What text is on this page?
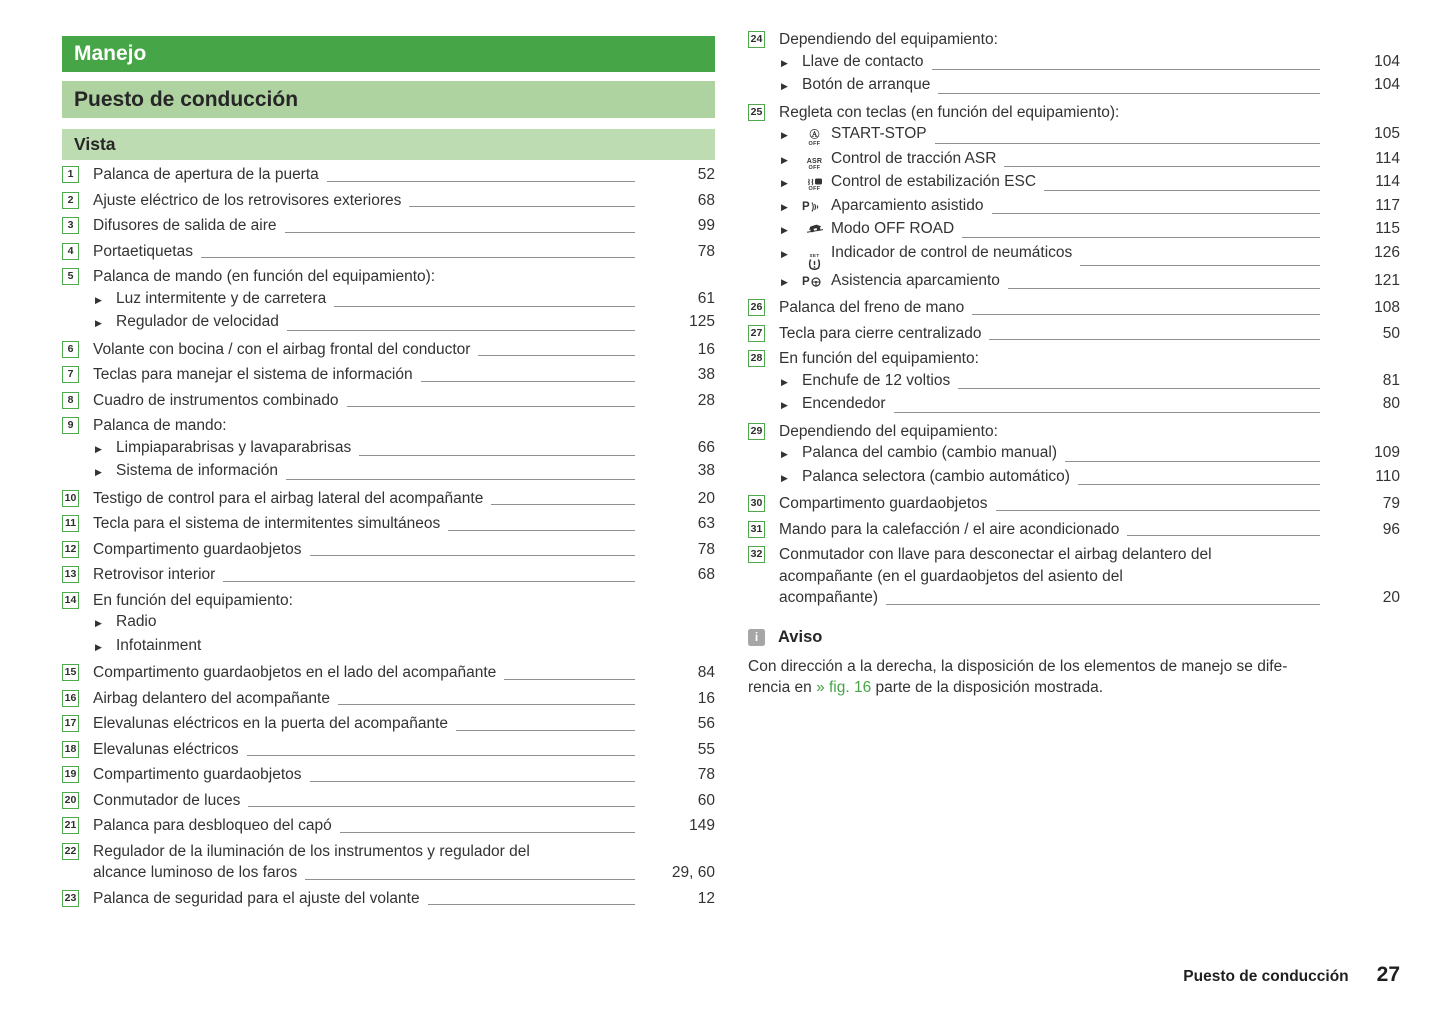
Manejo
Puesto de conducción
Vista
1	Palanca de apertura de la puerta	52
2	Ajuste eléctrico de los retrovisores exteriores	68
3	Difusores de salida de aire	99
4	Portaetiquetas	78
5	Palanca de mando (en función del equipamiento):
▶ Luz intermitente y de carretera	61
▶ Regulador de velocidad	125
6	Volante con bocina / con el airbag frontal del conductor	16
7	Teclas para manejar el sistema de información	38
8	Cuadro de instrumentos combinado	28
9	Palanca de mando:
▶ Limpiaparabrisas y lavaparabrisas	66
▶ Sistema de información	38
10 Testigo de control para el airbag lateral del acompañante	20
11 Tecla para el sistema de intermitentes simultáneos	63
12 Compartimento guardaobjetos	78
13 Retrovisor interior	68
14 En función del equipamiento:
▶ Radio
▶ Infotainment
15 Compartimento guardaobjetos en el lado del acompañante	84
16 Airbag delantero del acompañante	16
17 Elevalunas eléctricos en la puerta del acompañante	56
18 Elevalunas eléctricos	55
19 Compartimento guardaobjetos	78
20 Conmutador de luces	60
21 Palanca para desbloqueo del capó	149
22 Regulador de la iluminación de los instrumentos y regulador del
alcance luminoso de los faros	29, 60
23 Palanca de seguridad para el ajuste del volante	12
24 Dependiendo del equipamiento:
▶ Llave de contacto	104
▶ Botón de arranque	104
25 Regleta con teclas (en función del equipamiento):
▶	Ⓐ
OFF
START-STOP	105
▶	ASR
OFF
Control de tracción ASR	114
▶
OFF Control de estabilización ESC	114
▶	P	Aparcamiento asistido	117
▶	Modo OFF ROAD	115
▶	SET Indicador de control de neumáticos	126
▶	P	Asistencia aparcamiento	121
26 Palanca del freno de mano	108
27 Tecla para cierre centralizado	50
28 En función del equipamiento:
▶ Enchufe de 12 voltios	81
▶ Encendedor	80
29 Dependiendo del equipamiento:
▶ Palanca del cambio (cambio manual)	109
▶ Palanca selectora (cambio automático)	110
30 Compartimento guardaobjetos	79
31 Mando para la calefacción / el aire acondicionado	96
32 Conmutador con llave para desconectar el airbag delantero del
acompañante (en el guardaobjetos del asiento del
acompañante)	20
i	Aviso
Con dirección a la derecha, la disposición de los elementos de manejo se dife-
rencia en » fig. 16 parte de la disposición mostrada.
Puesto de conducción 27
